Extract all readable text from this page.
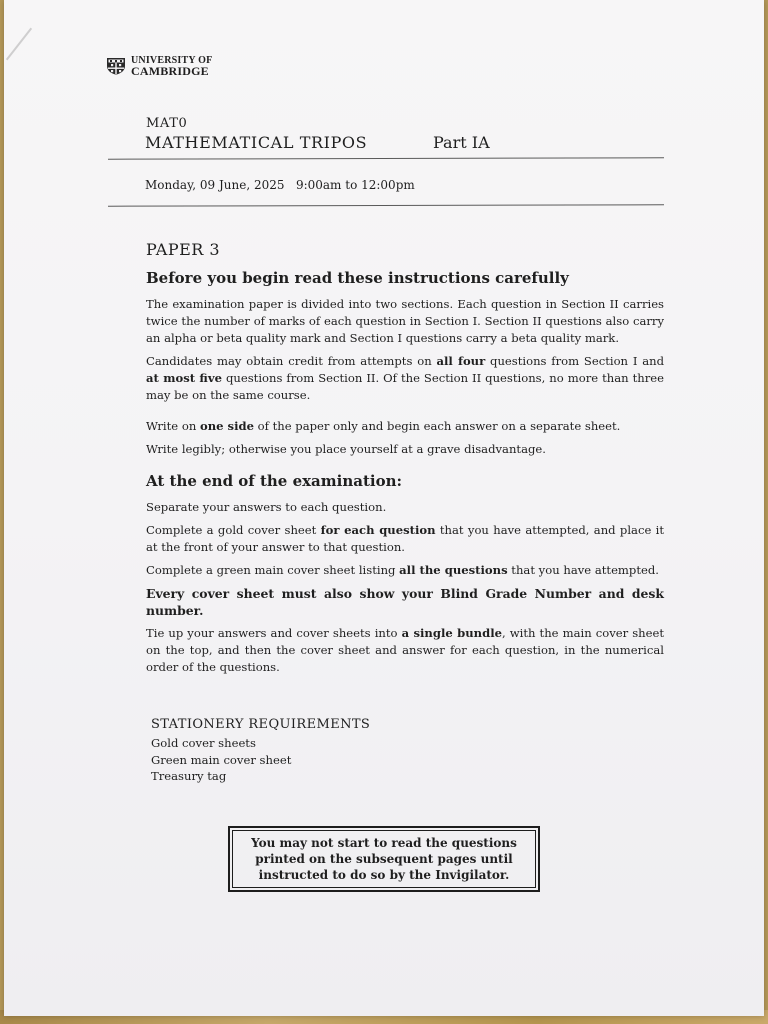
UNIVERSITY OF
CAMBRIDGE
MAT0
MATHEMATICAL TRIPOS	Part IA
Monday, 09 June, 2025   9:00am to 12:00pm
PAPER 3
Before you begin read these instructions carefully

The examination paper is divided into two sections. Each question in Section II carries twice the number of marks of each question in Section I. Section II questions also carry an alpha or beta quality mark and Section I questions carry a beta quality mark.

Candidates may obtain credit from attempts on all four questions from Section I and at most five questions from Section II. Of the Section II questions, no more than three may be on the same course.

Write on one side of the paper only and begin each answer on a separate sheet.

Write legibly; otherwise you place yourself at a grave disadvantage.

At the end of the examination:

Separate your answers to each question.

Complete a gold cover sheet for each question that you have attempted, and place it at the front of your answer to that question.

Complete a green main cover sheet listing all the questions that you have attempted.

Every cover sheet must also show your Blind Grade Number and desk number.

Tie up your answers and cover sheets into a single bundle, with the main cover sheet on the top, and then the cover sheet and answer for each question, in the numerical order of the questions.

STATIONERY REQUIREMENTS
Gold cover sheets
Green main cover sheet
Treasury tag
You may not start to read the questions
printed on the subsequent pages until
instructed to do so by the Invigilator.
